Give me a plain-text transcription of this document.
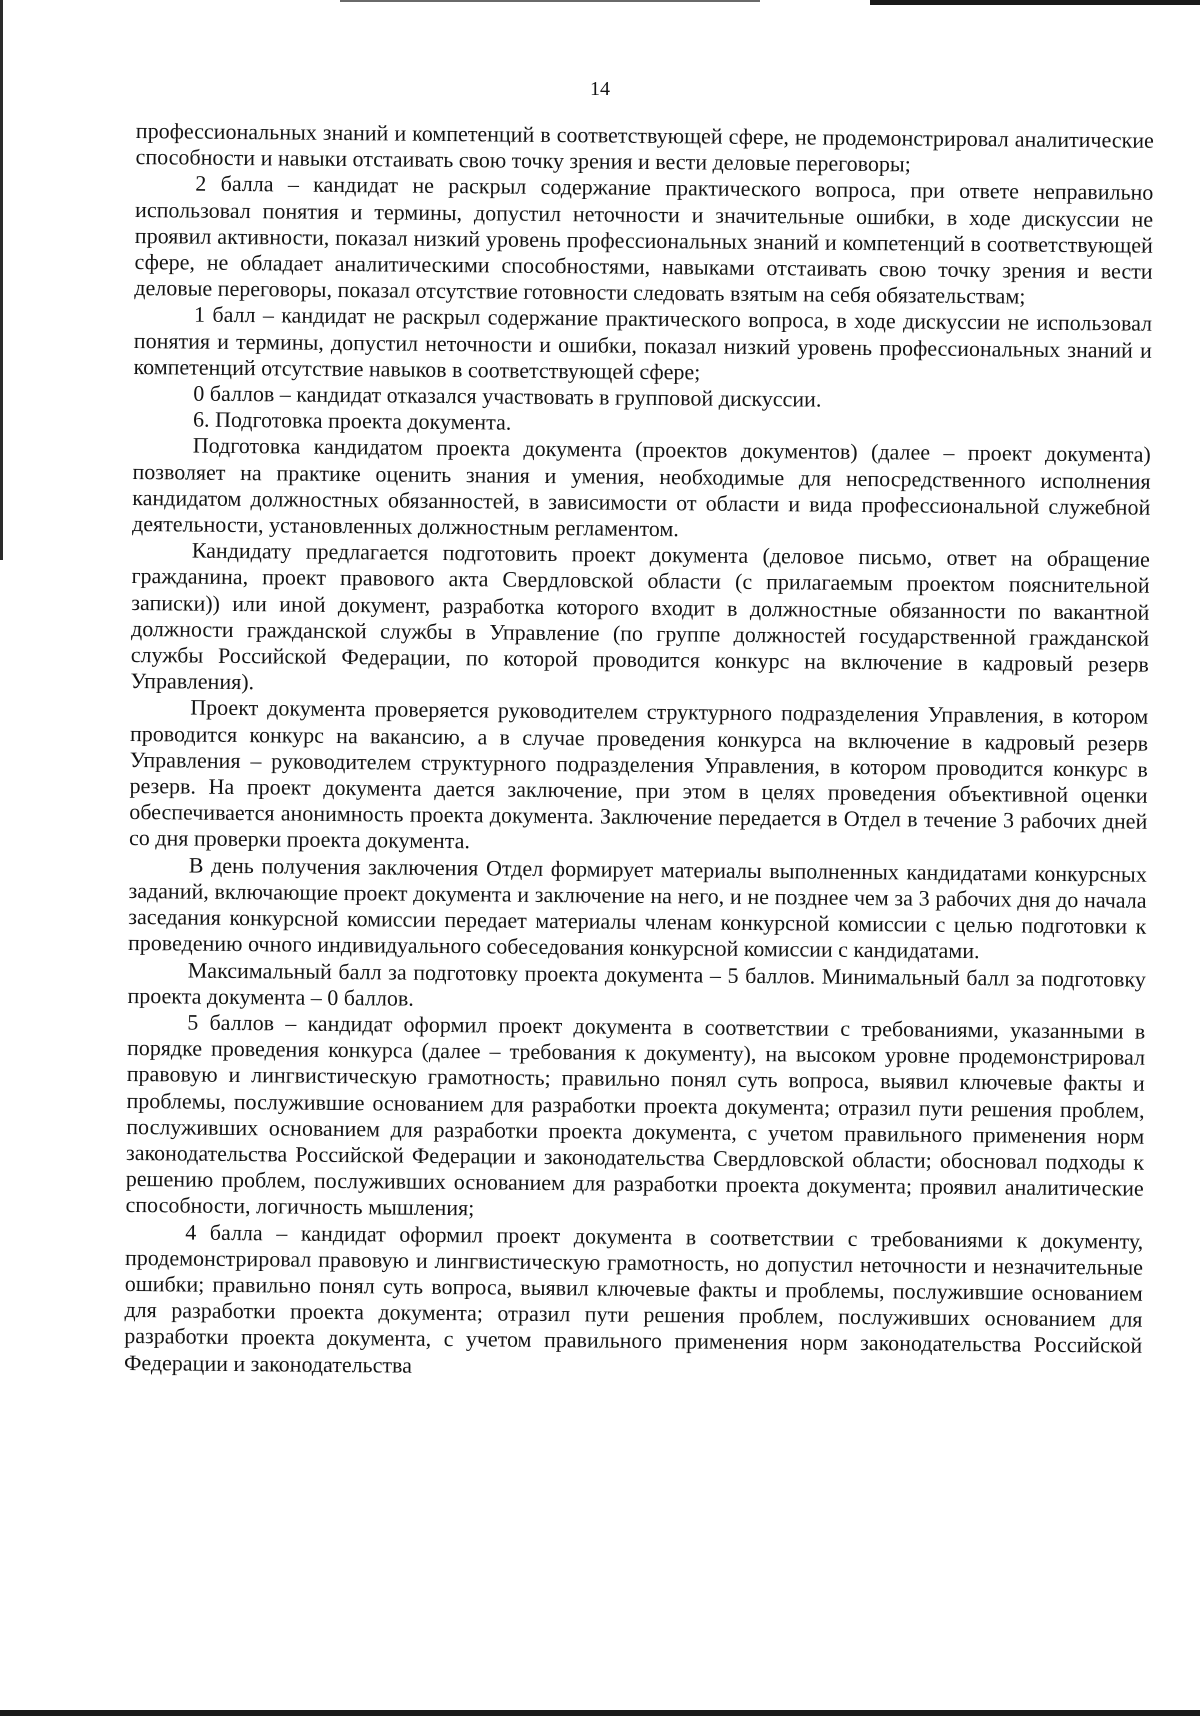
14

профессиональных знаний и компетенций в соответствующей сфере, не продемонстрировал аналитические способности и навыки отстаивать свою точку зрения и вести деловые переговоры;

2 балла – кандидат не раскрыл содержание практического вопроса, при ответе неправильно использовал понятия и термины, допустил неточности и значительные ошибки, в ходе дискуссии не проявил активности, показал низкий уровень профессиональных знаний и компетенций в соответствующей сфере, не обладает аналитическими способностями, навыками отстаивать свою точку зрения и вести деловые переговоры, показал отсутствие готовности следовать взятым на себя обязательствам;

1 балл – кандидат не раскрыл содержание практического вопроса, в ходе дискуссии не использовал понятия и термины, допустил неточности и ошибки, показал низкий уровень профессиональных знаний и компетенций отсутствие навыков в соответствующей сфере;

0 баллов – кандидат отказался участвовать в групповой дискуссии.

6. Подготовка проекта документа.

Подготовка кандидатом проекта документа (проектов документов) (далее – проект документа) позволяет на практике оценить знания и умения, необходимые для непосредственного исполнения кандидатом должностных обязанностей, в зависимости от области и вида профессиональной служебной деятельности, установленных должностным регламентом.

Кандидату предлагается подготовить проект документа (деловое письмо, ответ на обращение гражданина, проект правового акта Свердловской области (с прилагаемым проектом пояснительной записки)) или иной документ, разработка которого входит в должностные обязанности по вакантной должности гражданской службы в Управление (по группе должностей государственной гражданской службы Российской Федерации, по которой проводится конкурс на включение в кадровый резерв Управления).

Проект документа проверяется руководителем структурного подразделения Управления, в котором проводится конкурс на вакансию, а в случае проведения конкурса на включение в кадровый резерв Управления – руководителем структурного подразделения Управления, в котором проводится конкурс в резерв. На проект документа дается заключение, при этом в целях проведения объективной оценки обеспечивается анонимность проекта документа. Заключение передается в Отдел в течение 3 рабочих дней со дня проверки проекта документа.

В день получения заключения Отдел формирует материалы выполненных кандидатами конкурсных заданий, включающие проект документа и заключение на него, и не позднее чем за 3 рабочих дня до начала заседания конкурсной комиссии передает материалы членам конкурсной комиссии с целью подготовки к проведению очного индивидуального собеседования конкурсной комиссии с кандидатами.

Максимальный балл за подготовку проекта документа – 5 баллов. Минимальный балл за подготовку проекта документа – 0 баллов.

5 баллов – кандидат оформил проект документа в соответствии с требованиями, указанными в порядке проведения конкурса (далее – требования к документу), на высоком уровне продемонстрировал правовую и лингвистическую грамотность; правильно понял суть вопроса, выявил ключевые факты и проблемы, послужившие основанием для разработки проекта документа; отразил пути решения проблем, послуживших основанием для разработки проекта документа, с учетом правильного применения норм законодательства Российской Федерации и законодательства Свердловской области; обосновал подходы к решению проблем, послуживших основанием для разработки проекта документа; проявил аналитические способности, логичность мышления;

4 балла – кандидат оформил проект документа в соответствии с требованиями к документу, продемонстрировал правовую и лингвистическую грамотность, но допустил неточности и незначительные ошибки; правильно понял суть вопроса, выявил ключевые факты и проблемы, послужившие основанием для разработки проекта документа; отразил пути решения проблем, послуживших основанием для разработки проекта документа, с учетом правильного применения норм законодательства Российской Федерации и законодательства
